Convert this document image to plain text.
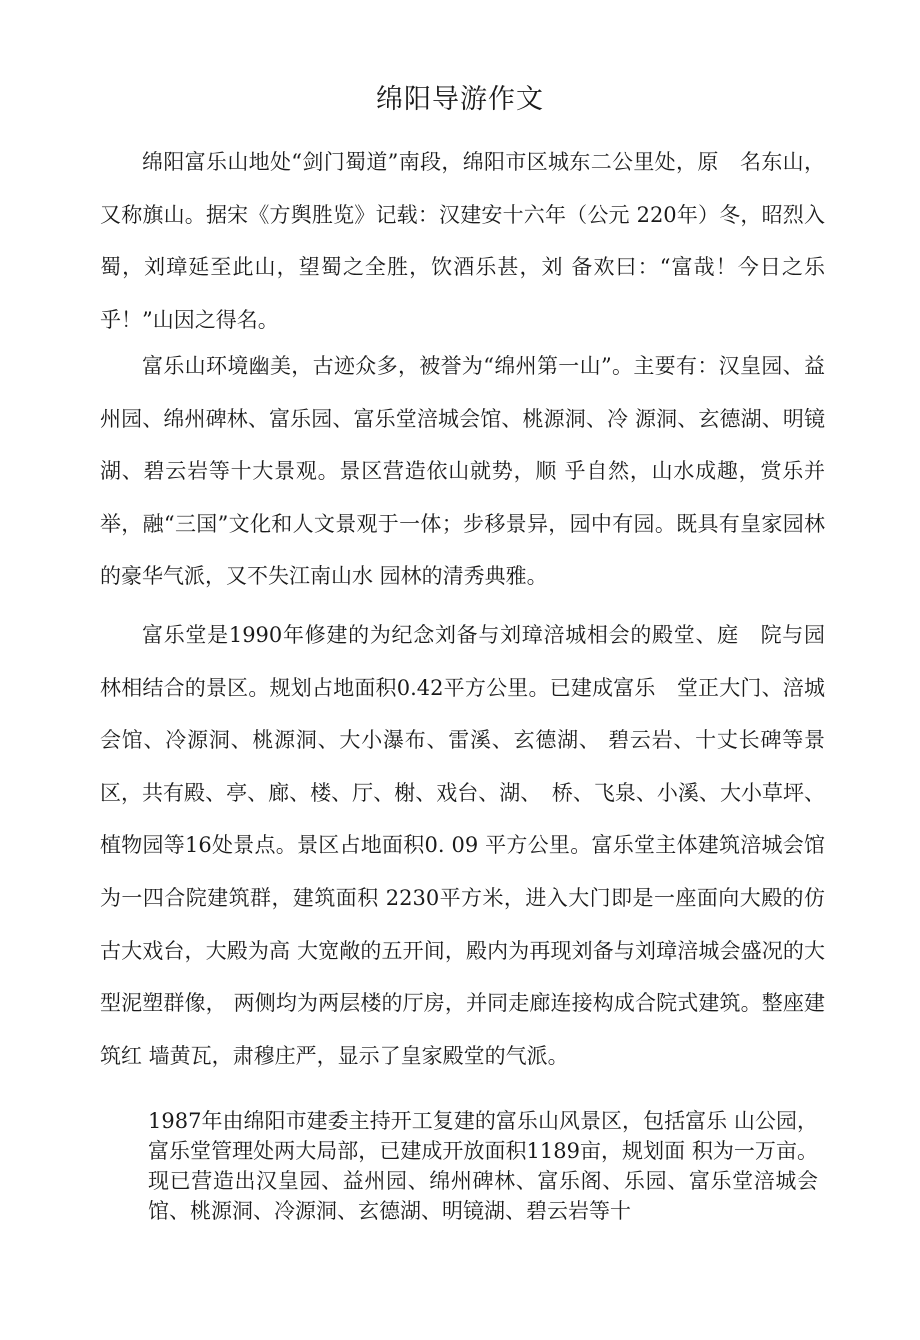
绵阳导游作文

绵阳富乐山地处“剑门蜀道”南段，绵阳市区城东二公里处，原　名东山，又称旗山。据宋《方舆胜览》记载：汉建安十六年（公元 220年）冬，昭烈入蜀，刘璋延至此山，望蜀之全胜，饮酒乐甚，刘 备欢曰：“富哉！今日之乐乎！”山因之得名。

富乐山环境幽美，古迹众多，被誉为“绵州第一山”。主要有：汉皇园、益州园、绵州碑林、富乐园、富乐堂涪城会馆、桃源洞、冷 源洞、玄德湖、明镜湖、碧云岩等十大景观。景区营造依山就势，顺 乎自然，山水成趣，赏乐并举，融“三国”文化和人文景观于一体；步移景异，园中有园。既具有皇家园林的豪华气派，又不失江南山水 园林的清秀典雅。

富乐堂是1990年修建的为纪念刘备与刘璋涪城相会的殿堂、庭　院与园林相结合的景区。规划占地面积0.42平方公里。已建成富乐　堂正大门、涪城会馆、冷源洞、桃源洞、大小瀑布、雷溪、玄德湖、 碧云岩、十丈长碑等景区，共有殿、亭、廊、楼、厅、榭、戏台、湖、　桥、飞泉、小溪、大小草坪、植物园等16处景点。景区占地面积0. 09 平方公里。富乐堂主体建筑涪城会馆为一四合院建筑群，建筑面积 2230平方米，进入大门即是一座面向大殿的仿古大戏台，大殿为高 大宽敞的五开间，殿内为再现刘备与刘璋涪城会盛况的大型泥塑群像， 两侧均为两层楼的厅房，并同走廊连接构成合院式建筑。整座建筑红 墙黄瓦，肃穆庄严，显示了皇家殿堂的气派。

1987年由绵阳市建委主持开工复建的富乐山风景区，包括富乐 山公园，富乐堂管理处两大局部，已建成开放面积1189亩，规划面 积为一万亩。现已营造出汉皇园、益州园、绵州碑林、富乐阁、乐园、富乐堂涪城会馆、桃源洞、冷源洞、玄德湖、明镜湖、碧云岩等十
